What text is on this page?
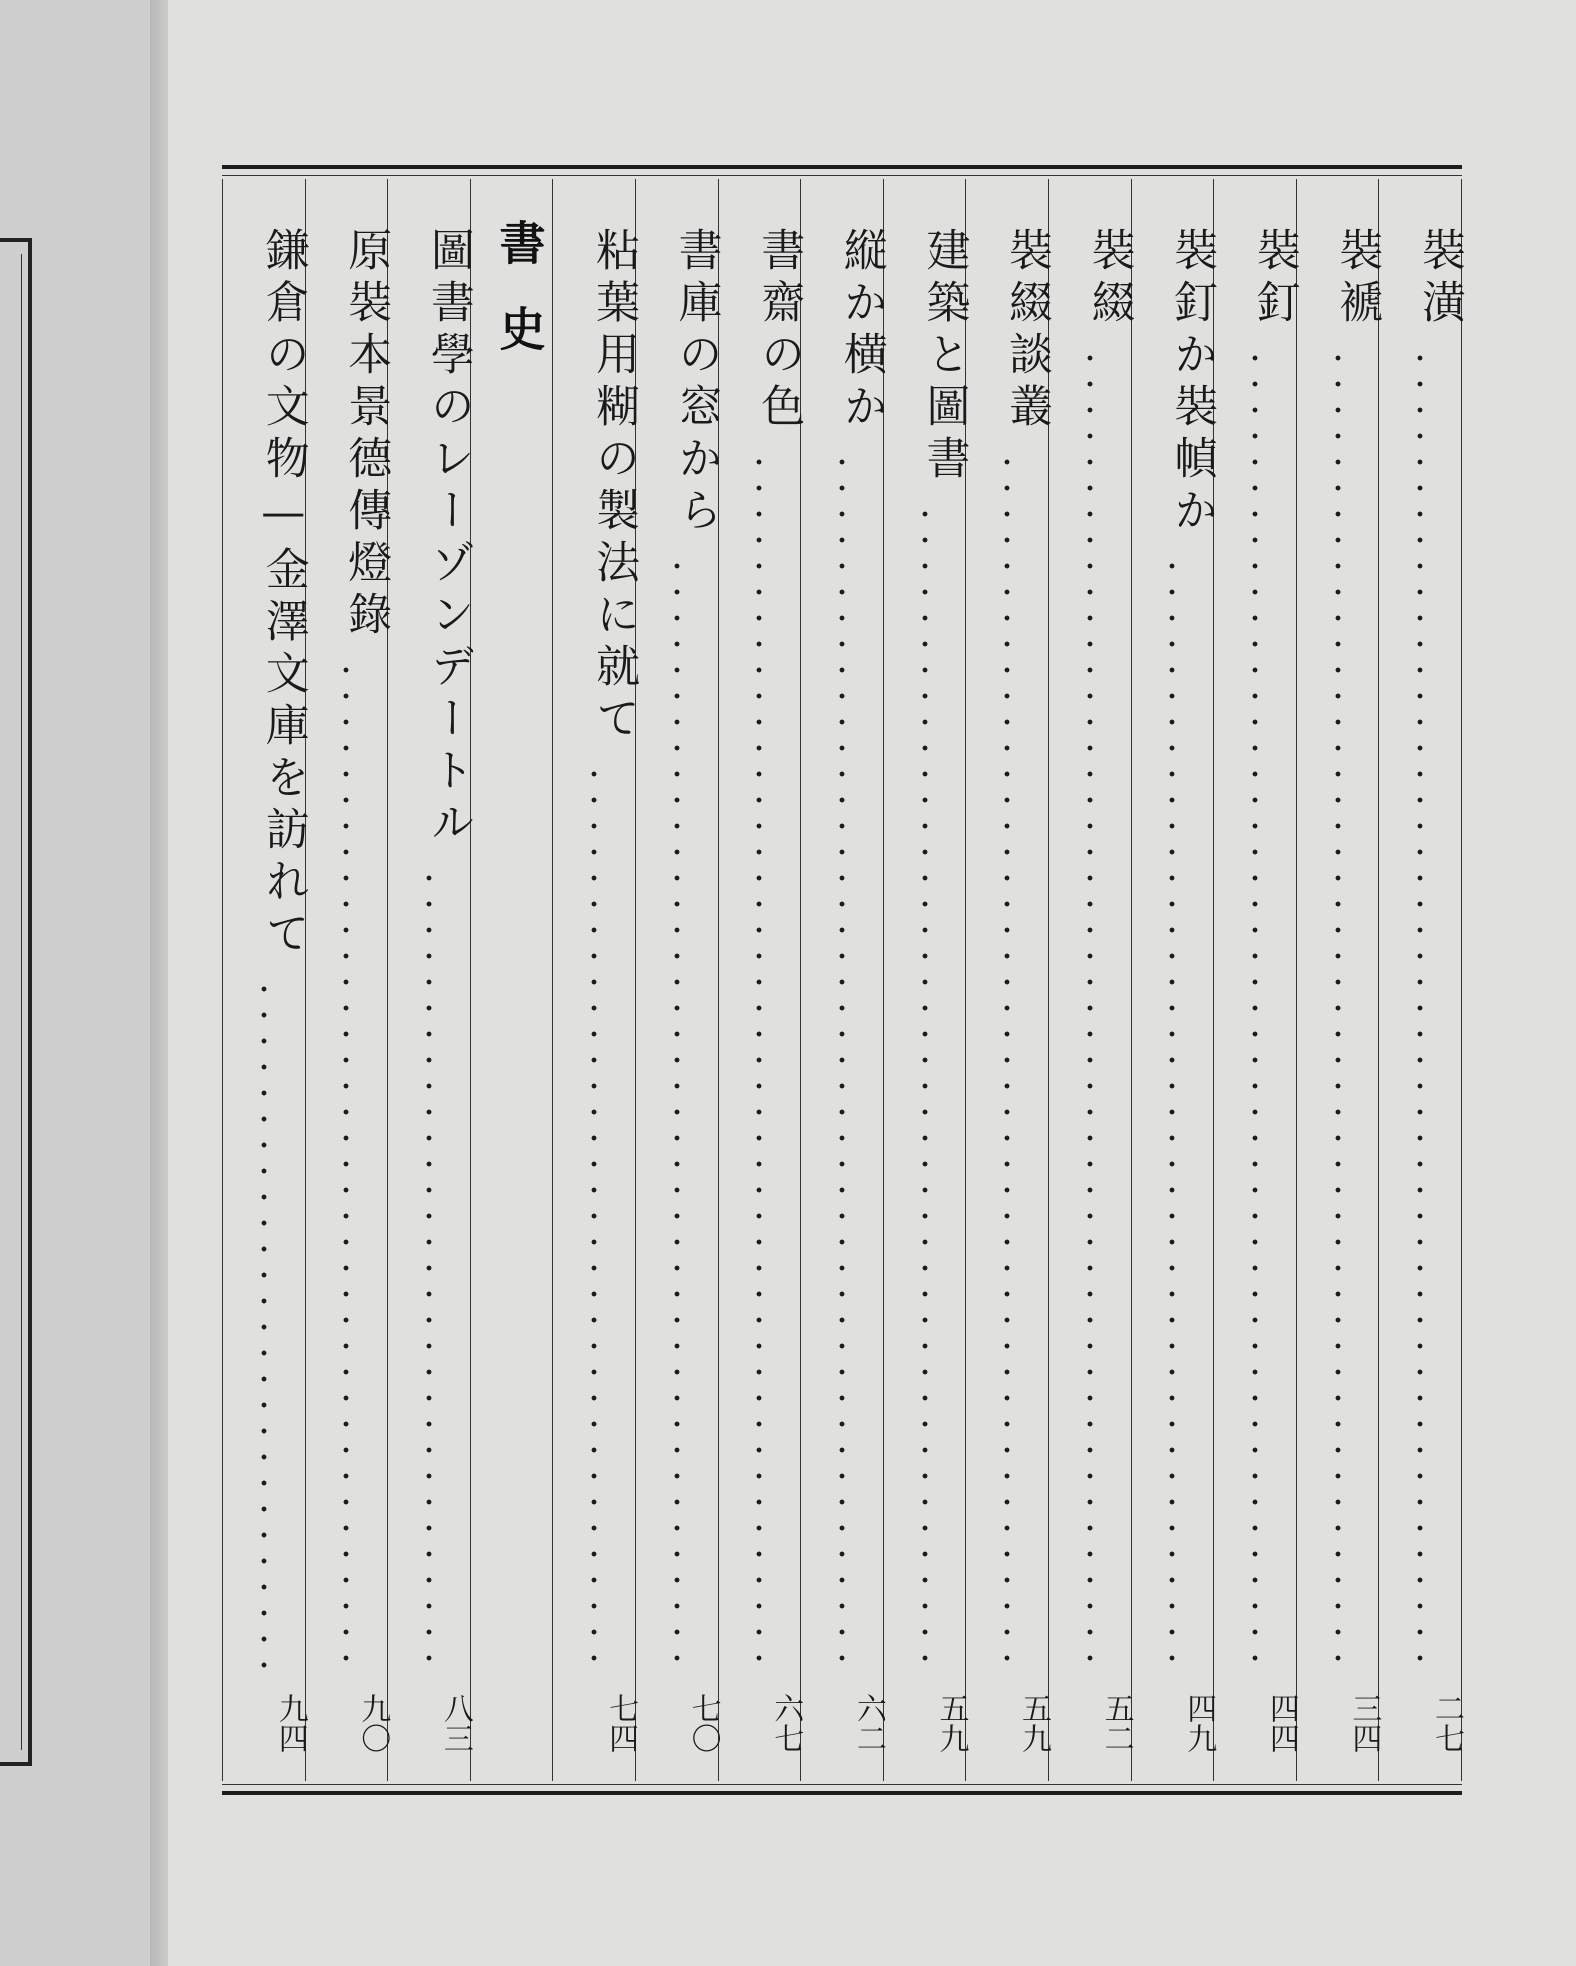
裝潢
二七
裝褫
三四
裝釘
四四
裝釘か裝幀か
四九
裝綴
五二
裝綴談叢
五九
建築と圖書
五九
縦か横か
六二
書齋の色
六七
書庫の窓から
七〇
粘葉用糊の製法に就て
七四
書史
圖書學のレーゾンデートル
八三
原裝本景德傳燈錄
九〇
鎌倉の文物—金澤文庫を訪れて
九四
